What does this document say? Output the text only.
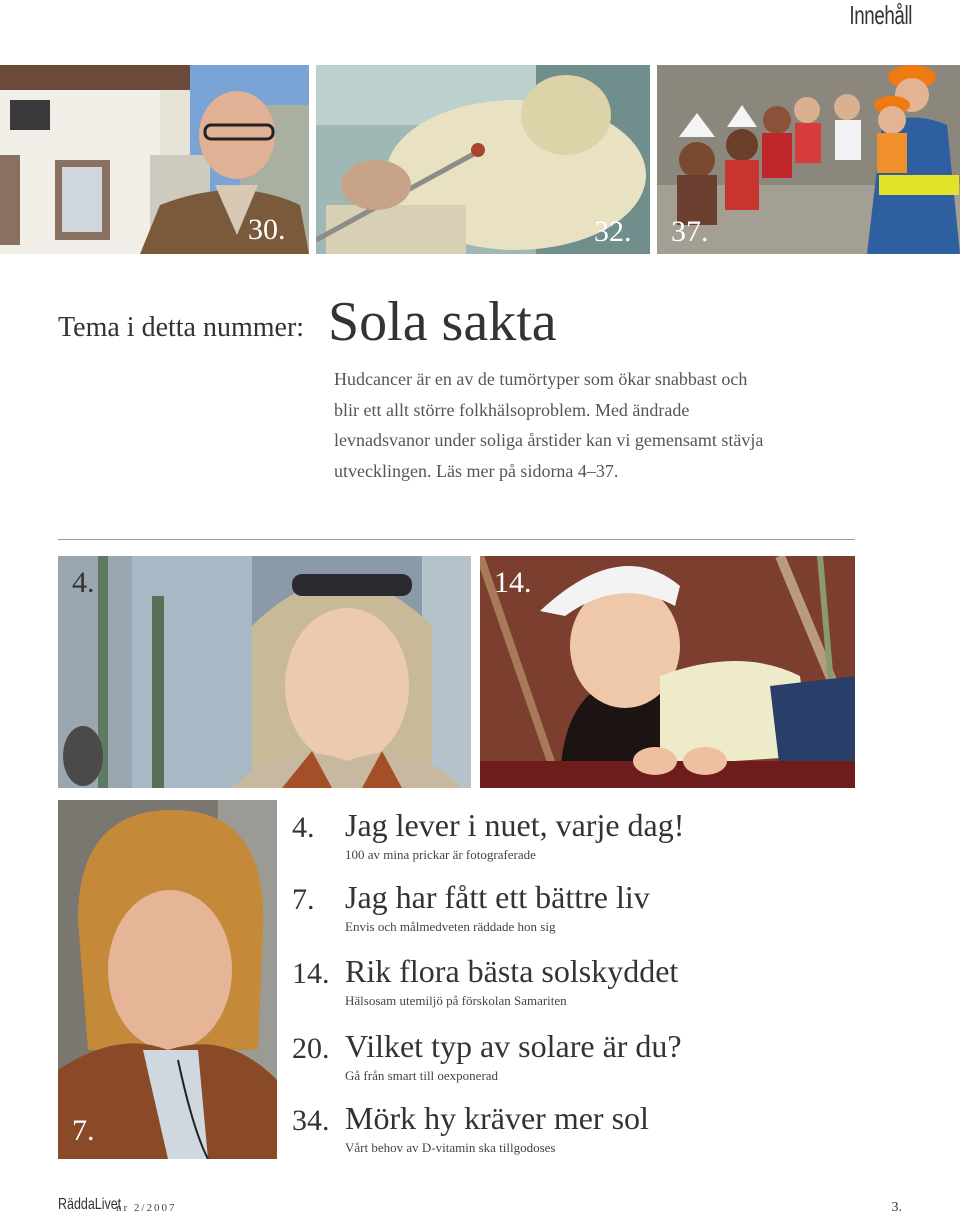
Innehåll
30.	32. 37.
Tema i detta nummer: Sola sakta
Hudcancer är en av de tumörtyper som ökar snabbast och blir ett allt större folkhälsoproblem. Med ändrade levnadsvanor under soliga årstider kan vi gemensamt stävja utvecklingen. Läs mer på sidorna 4–37.
4.	14.
7.
4. Jag lever i nuet, varje dag!
100 av mina prickar är fotograferade
7. Jag har fått ett bättre liv
Envis och målmedveten räddade hon sig
14. Rik flora bästa solskyddet
Hälsosam utemiljö på förskolan Samariten
20. Vilket typ av solare är du?
Gå från smart till oexponerad
34. Mörk hy kräver mer sol
Vårt behov av D-vitamin ska tillgodoses
RäddaLivet
nr 2/2007	3.
